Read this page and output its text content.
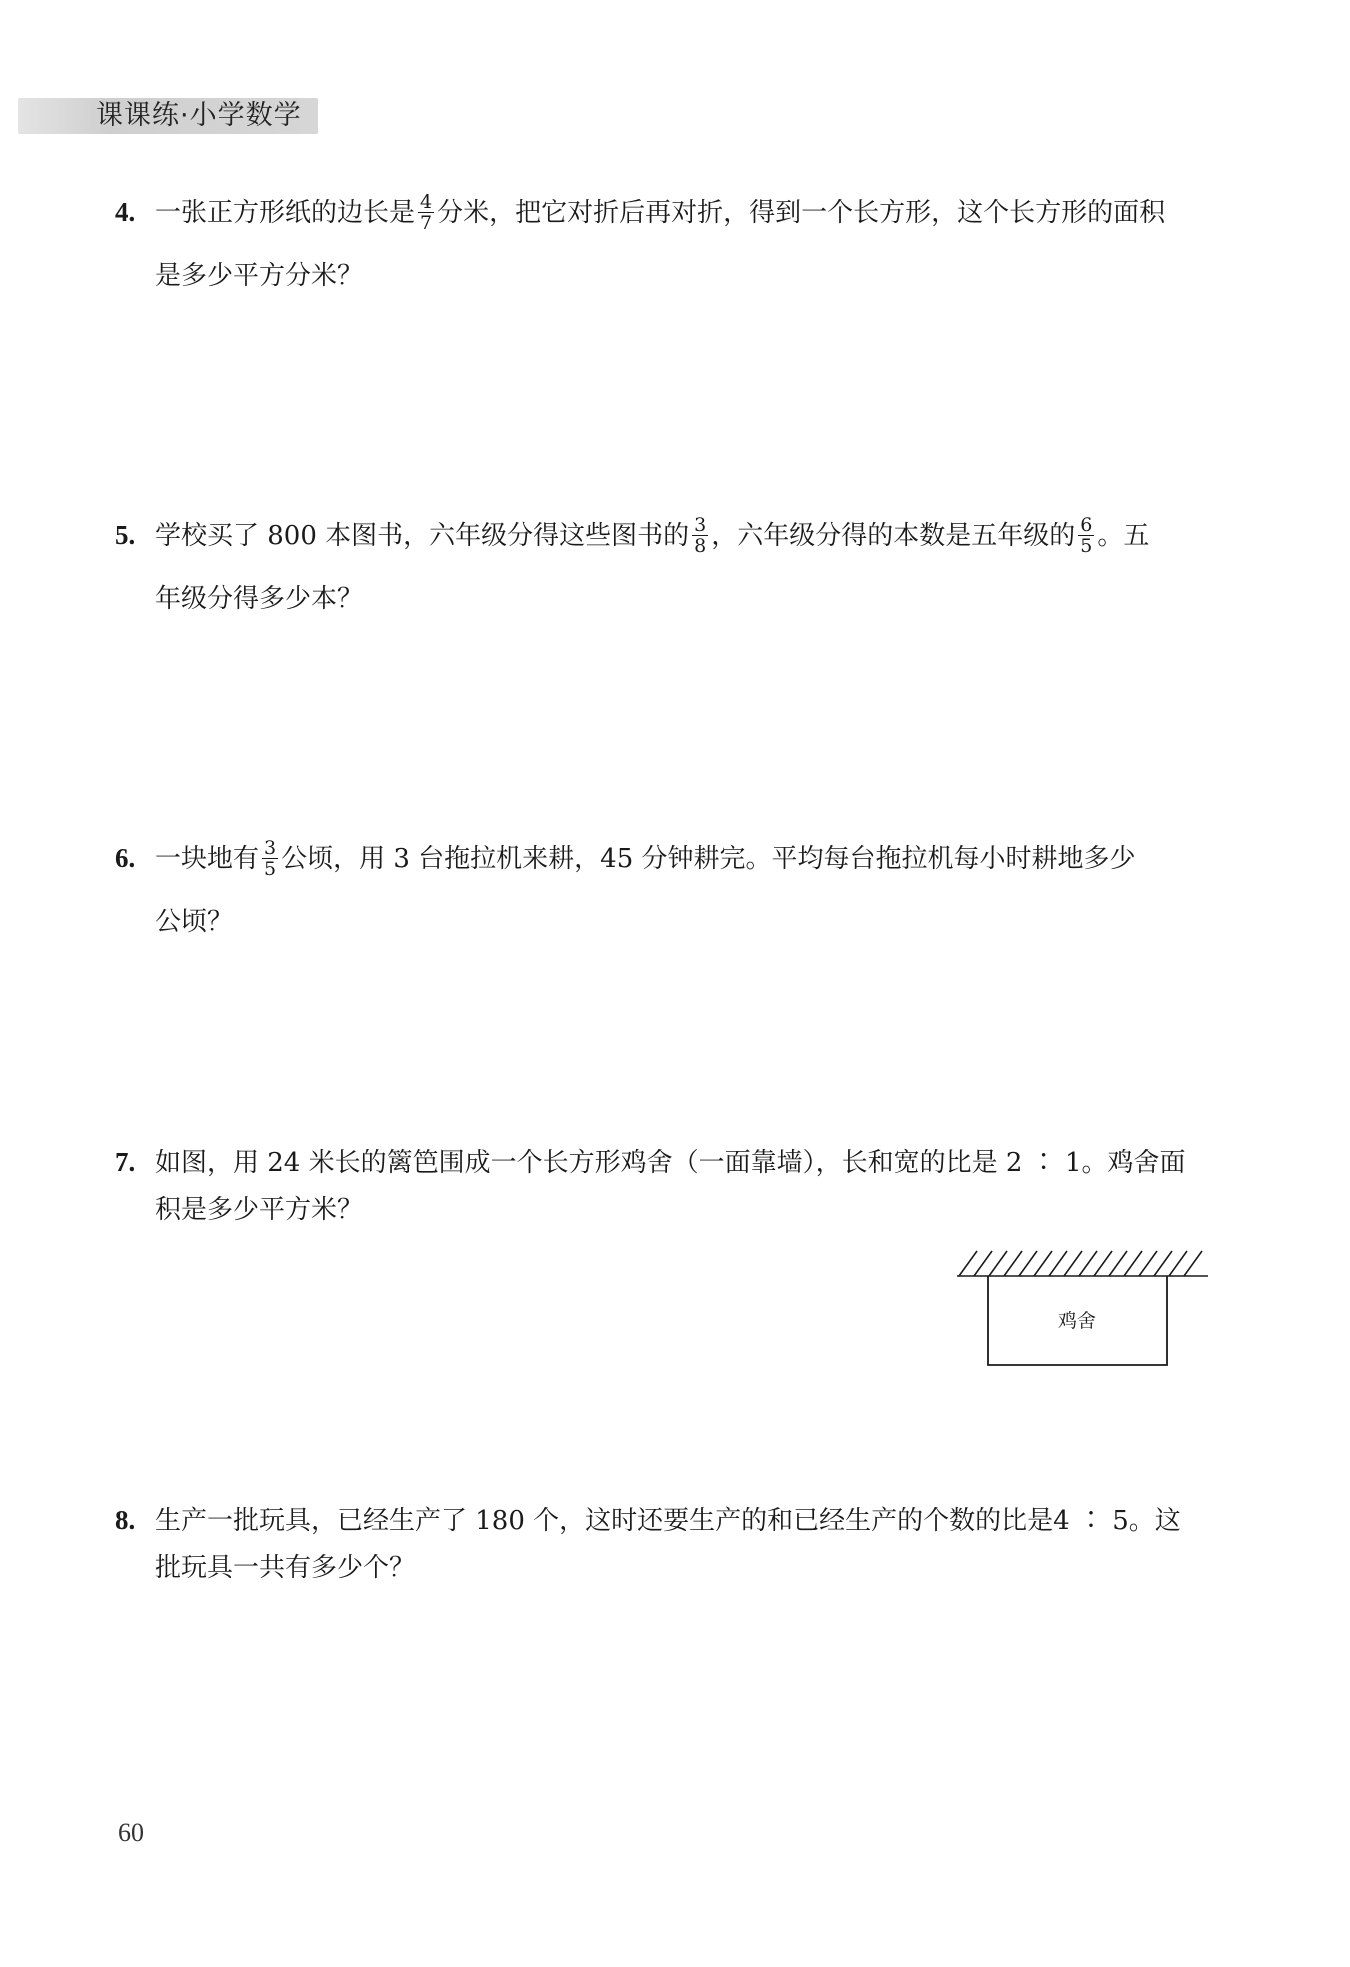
课课练·小学数学
4. 一张正方形纸的边长是 $\frac{4}{7}$ 分米，把它对折后再对折，得到一个长方形，这个长方形的面积
是多少平方分米？
5. 学校买了 800 本图书，六年级分得这些图书的 $\frac{3}{8}$ ，六年级分得的本数是五年级的 $\frac{6}{5}$ 。五
年级分得多少本？
6. 一块地有 $\frac{3}{5}$ 公顷，用 3 台拖拉机来耕，45 分钟耕完。平均每台拖拉机每小时耕地多少
公顷？
7. 如图，用 24 米长的篱笆围成一个长方形鸡舍（一面靠墙），长和宽的比是 2 ∶ 1。鸡舍面
积是多少平方米？
鸡舍
8. 生产一批玩具，已经生产了 180 个，这时还要生产的和已经生产的个数的比是4 ∶ 5。这
批玩具一共有多少个？
60
